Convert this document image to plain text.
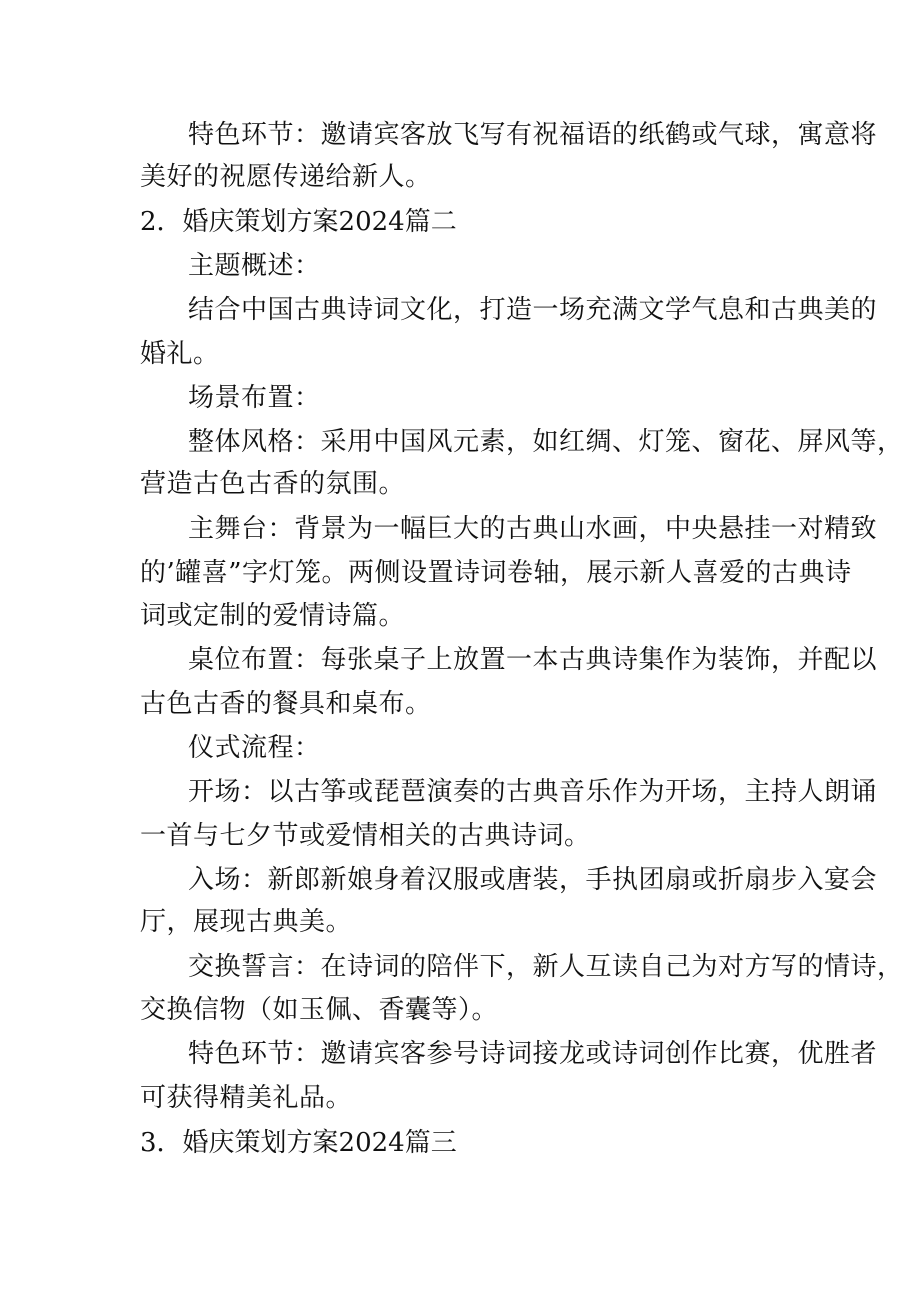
特色环节：邀请宾客放飞写有祝福语的纸鹤或气球，寓意将
美好的祝愿传递给新人。
2．婚庆策划方案2024篇二
主题概述：
结合中国古典诗词文化，打造一场充满文学气息和古典美的
婚礼。
场景布置：
整体风格：采用中国风元素，如红绸、灯笼、窗花、屏风等，
营造古色古香的氛围。
主舞台：背景为一幅巨大的古典山水画，中央悬挂一对精致
的’罐喜”字灯笼。两侧设置诗词卷轴，展示新人喜爱的古典诗
词或定制的爱情诗篇。
桌位布置：每张桌子上放置一本古典诗集作为装饰，并配以
古色古香的餐具和桌布。
仪式流程：
开场：以古筝或琵琶演奏的古典音乐作为开场，主持人朗诵
一首与七夕节或爱情相关的古典诗词。
入场：新郎新娘身着汉服或唐装，手执团扇或折扇步入宴会
厅，展现古典美。
交换誓言：在诗词的陪伴下，新人互读自己为对方写的情诗，
交换信物（如玉佩、香囊等）。
特色环节：邀请宾客参号诗词接龙或诗词创作比赛，优胜者
可获得精美礼品。
3．婚庆策划方案2024篇三
